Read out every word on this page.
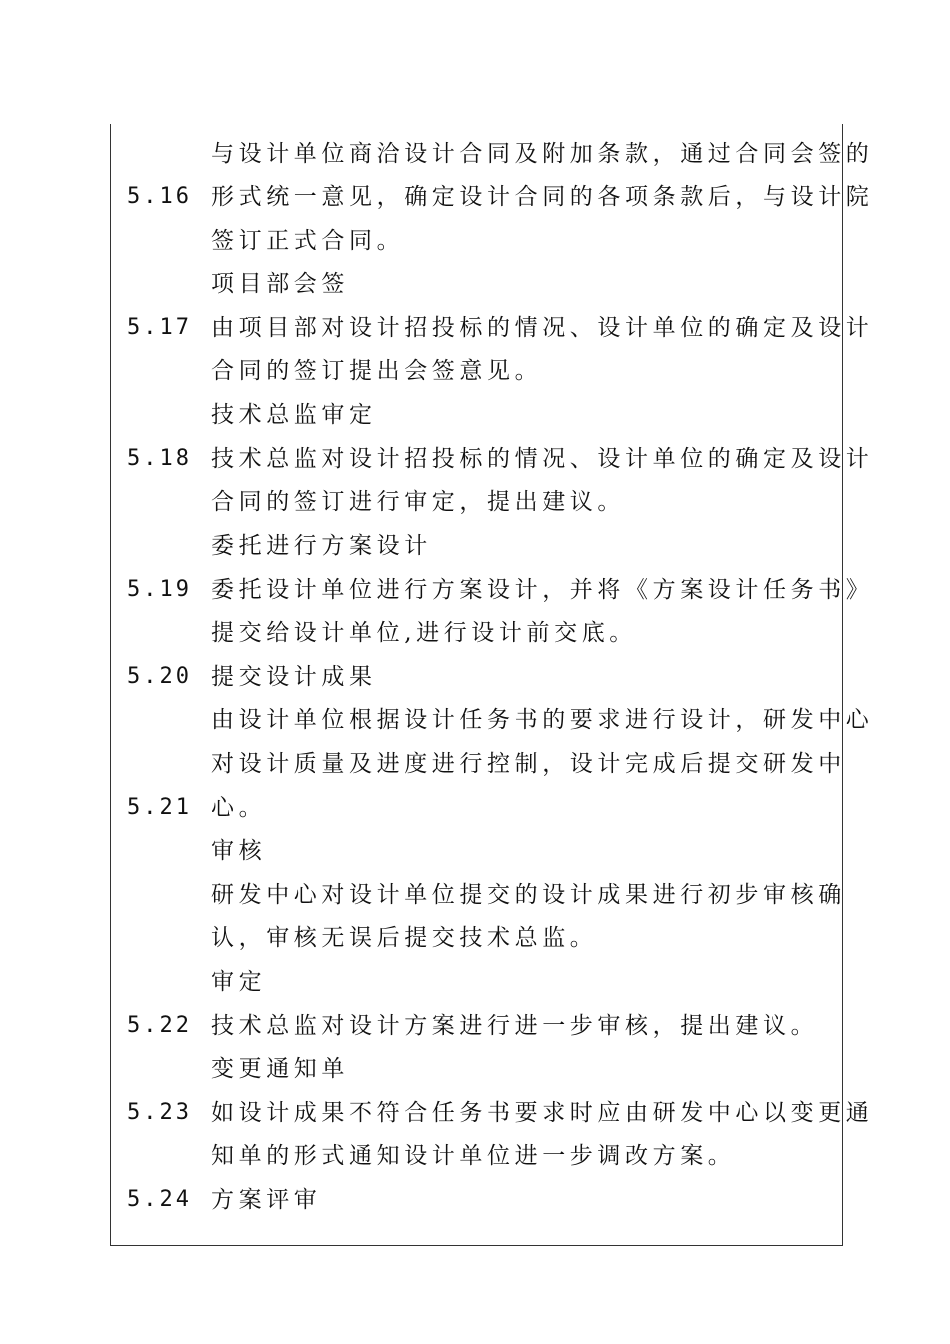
与设计单位商洽设计合同及附加条款，通过合同会签的
5.16 形式统一意见，确定设计合同的各项条款后，与设计院
签订正式合同。
项目部会签
5.17 由项目部对设计招投标的情况、设计单位的确定及设计
合同的签订提出会签意见。
技术总监审定
5.18 技术总监对设计招投标的情况、设计单位的确定及设计
合同的签订进行审定，提出建议。
委托进行方案设计
5.19 委托设计单位进行方案设计，并将《方案设计任务书》
提交给设计单位,进行设计前交底。
5.20 提交设计成果
由设计单位根据设计任务书的要求进行设计，研发中心
对设计质量及进度进行控制，设计完成后提交研发中
5.21 心。
审核
研发中心对设计单位提交的设计成果进行初步审核确
认，审核无误后提交技术总监。
审定
5.22 技术总监对设计方案进行进一步审核，提出建议。
变更通知单
5.23 如设计成果不符合任务书要求时应由研发中心以变更通
知单的形式通知设计单位进一步调改方案。
5.24 方案评审
